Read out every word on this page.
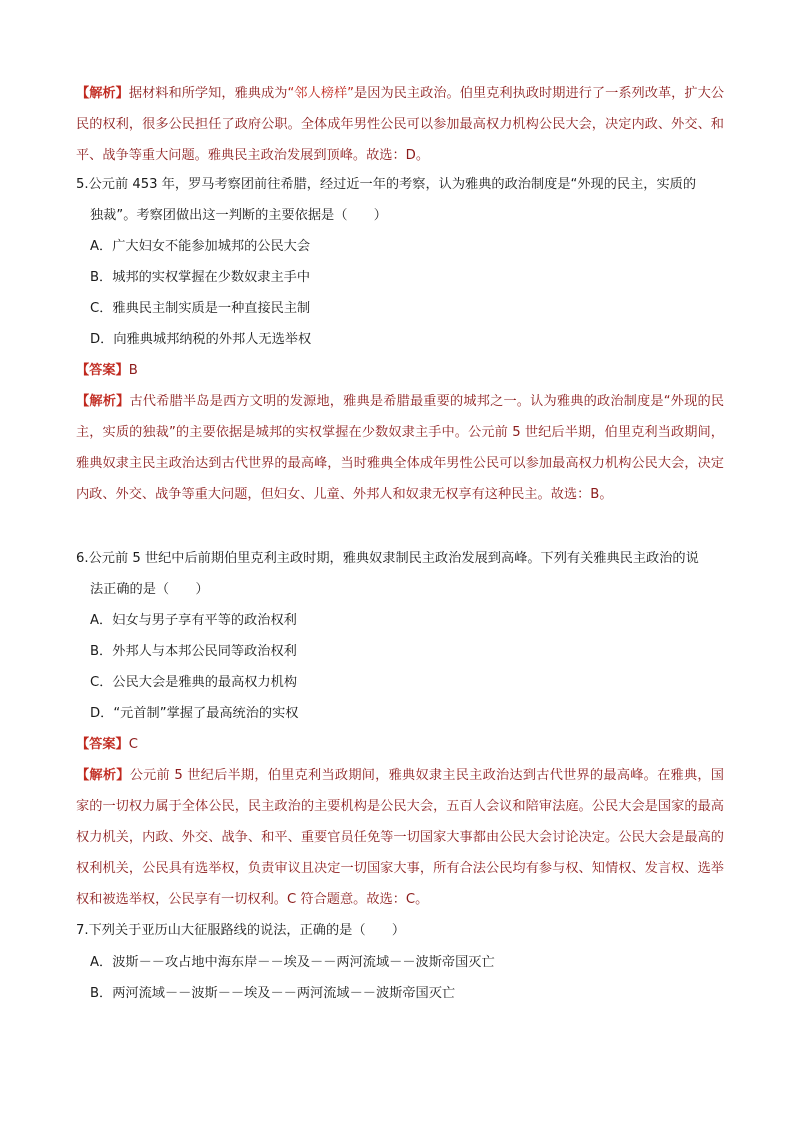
【解析】据材料和所学知，雅典成为“邻人榜样”是因为民主政治。伯里克利执政时期进行了一系列改革，扩大公民的权利，很多公民担任了政府公职。全体成年男性公民可以参加最高权力机构公民大会，决定内政、外交、和平、战争等重大问题。雅典民主政治发展到顶峰。故选：D。
5.公元前 453 年，罗马考察团前往希腊，经过近一年的考察，认为雅典的政治制度是“外现的民主，实质的
独裁”。考察团做出这一判断的主要依据是（　　）
A．广大妇女不能参加城邦的公民大会
B．城邦的实权掌握在少数奴隶主手中
C．雅典民主制实质是一种直接民主制
D．向雅典城邦纳税的外邦人无选举权
【答案】B
【解析】古代希腊半岛是西方文明的发源地，雅典是希腊最重要的城邦之一。认为雅典的政治制度是“外现的民主，实质的独裁”的主要依据是城邦的实权掌握在少数奴隶主手中。公元前 5 世纪后半期，伯里克利当政期间，雅典奴隶主民主政治达到古代世界的最高峰，当时雅典全体成年男性公民可以参加最高权力机构公民大会，决定内政、外交、战争等重大问题，但妇女、儿童、外邦人和奴隶无权享有这种民主。故选：B。
6.公元前 5 世纪中后前期伯里克利主政时期，雅典奴隶制民主政治发展到高峰。下列有关雅典民主政治的说
法正确的是（　　）
A．妇女与男子享有平等的政治权利
B．外邦人与本邦公民同等政治权利
C．公民大会是雅典的最高权力机构
D．“元首制”掌握了最高统治的实权
【答案】C
【解析】公元前 5 世纪后半期，伯里克利当政期间，雅典奴隶主民主政治达到古代世界的最高峰。在雅典，国家的一切权力属于全体公民，民主政治的主要机构是公民大会，五百人会议和陪审法庭。公民大会是国家的最高权力机关，内政、外交、战争、和平、重要官员任免等一切国家大事都由公民大会讨论决定。公民大会是最高的权利机关，公民具有选举权，负责审议且决定一切国家大事，所有合法公民均有参与权、知情权、发言权、选举权和被选举权，公民享有一切权利。C 符合题意。故选：C。
7.下列关于亚历山大征服路线的说法，正确的是（　　）
A．波斯－－攻占地中海东岸－－埃及－－两河流域－－波斯帝国灭亡
B．两河流域－－波斯－－埃及－－两河流域－－波斯帝国灭亡
